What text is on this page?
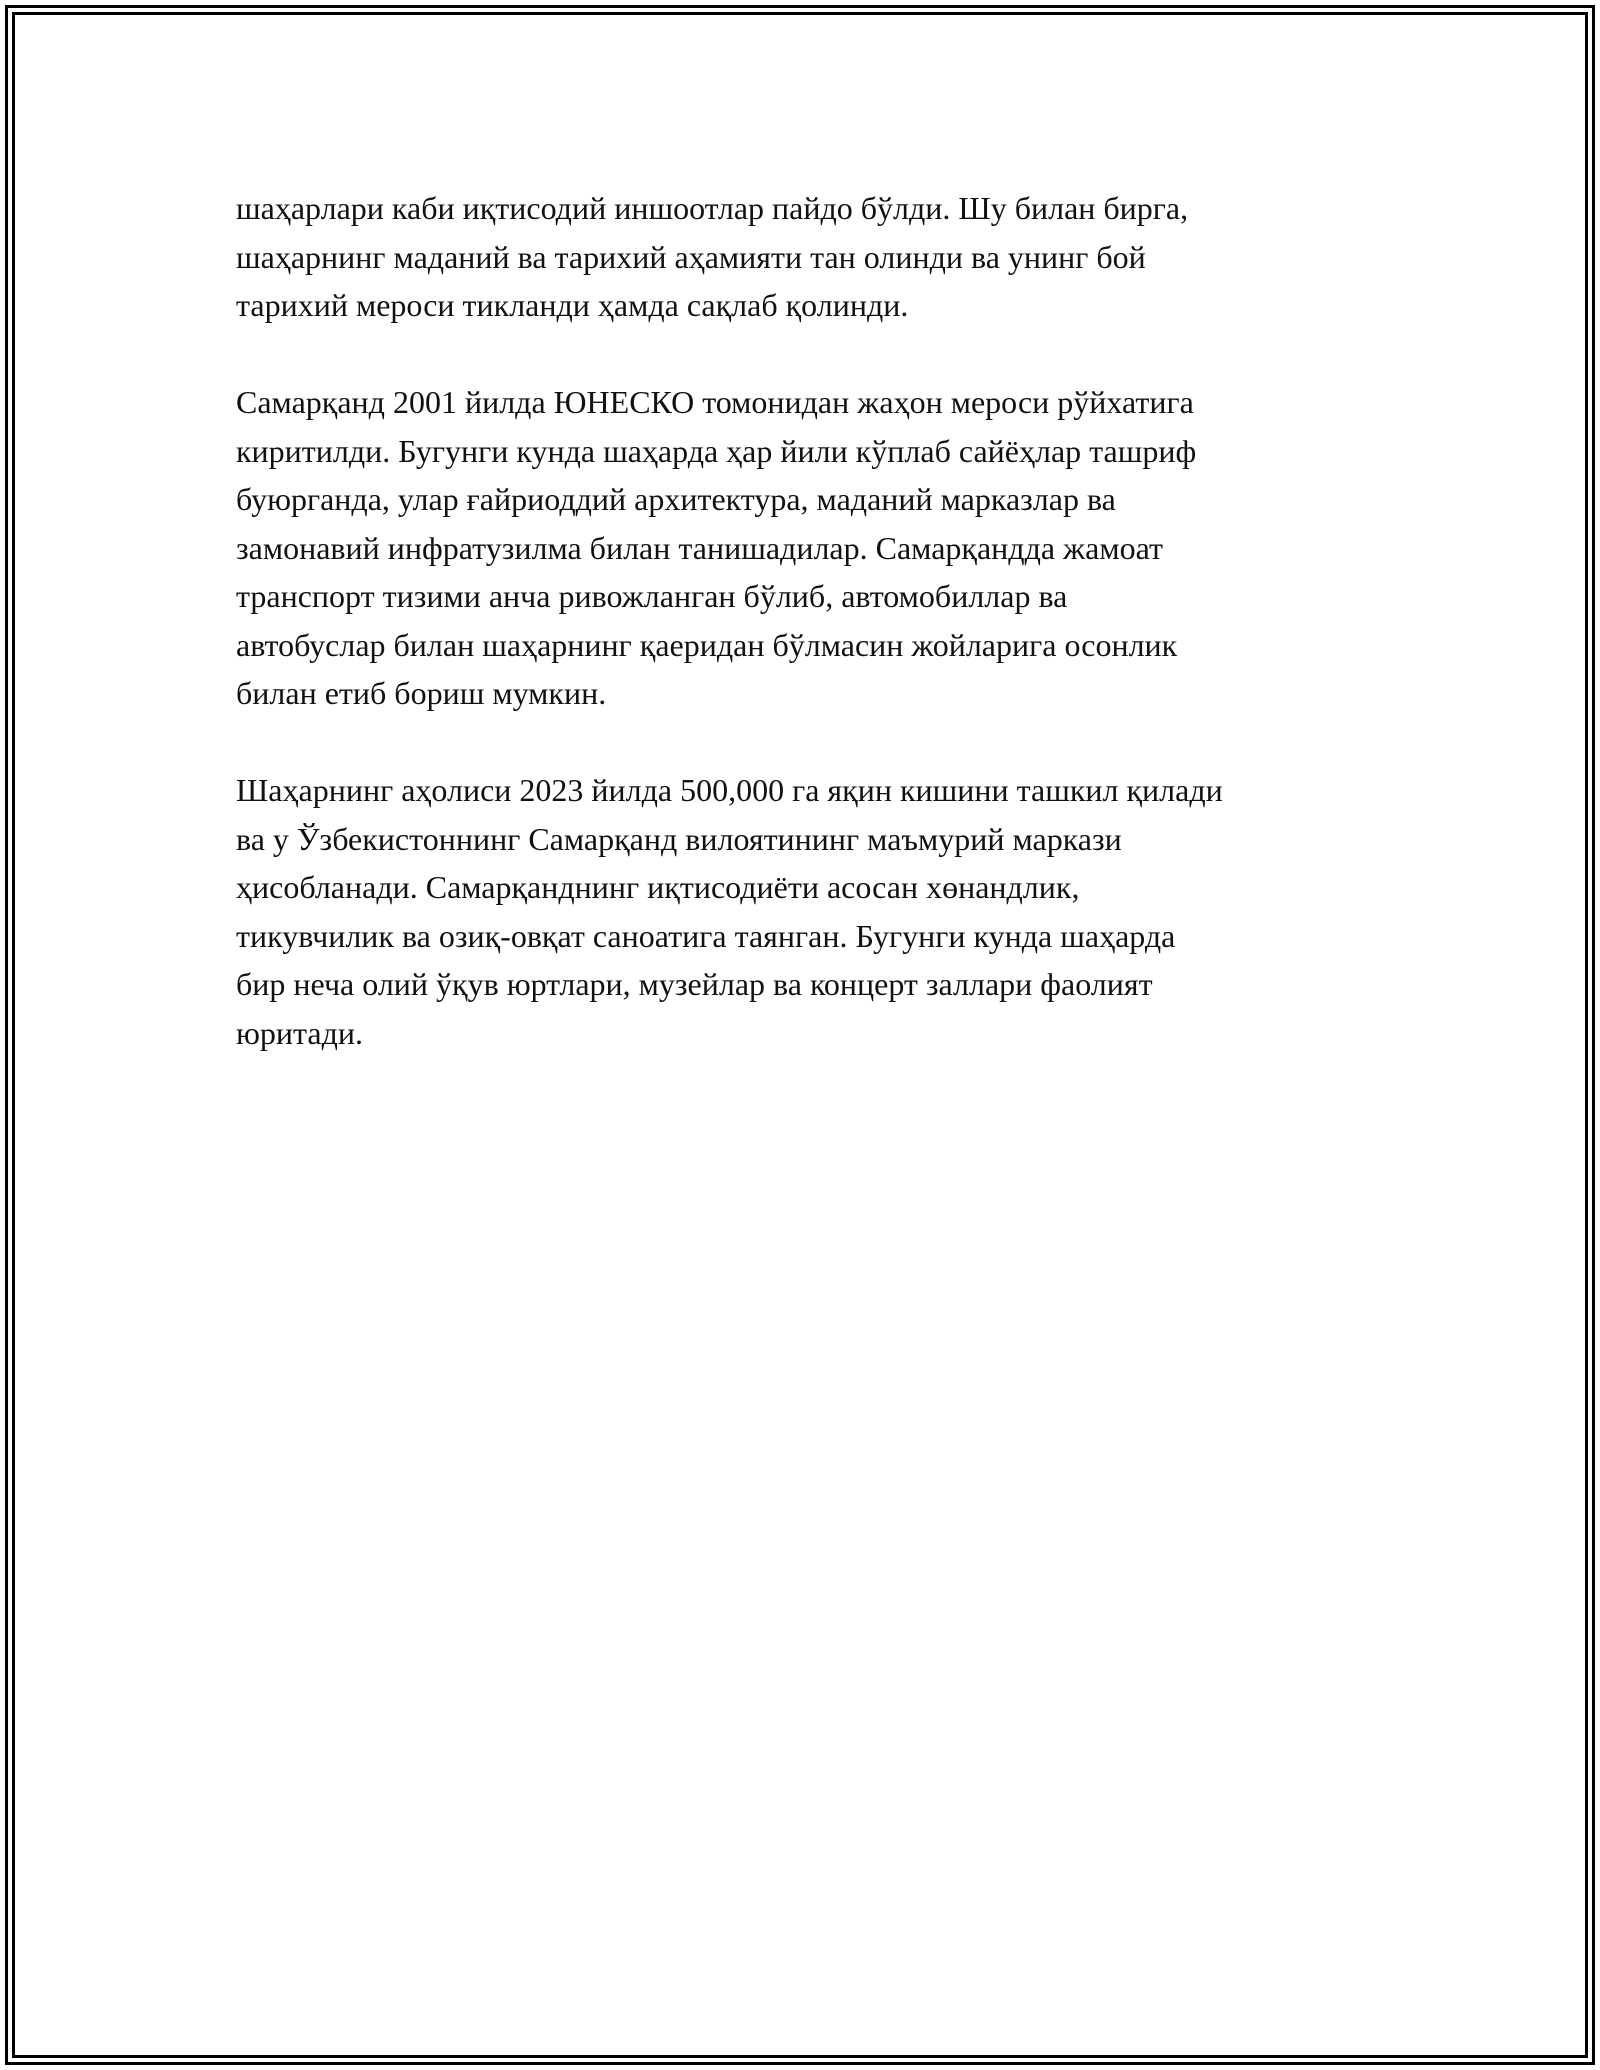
шаҳарлари каби иқтисодий иншоотлар пайдо бўлди. Шу билан бирга,
шаҳарнинг маданий ва тарихий аҳамияти тан олинди ва унинг бой
тарихий мероси тикланди ҳамда сақлаб қолинди.

Самарқанд 2001 йилда ЮНЕСКО томонидан жаҳон мероси рўйхатига
киритилди. Бугунги кунда шаҳарда ҳар йили кўплаб сайёҳлар ташриф
буюрганда, улар ғайриоддий архитектура, маданий марказлар ва
замонавий инфратузилма билан танишадилар. Самарқандда жамоат
транспорт тизими анча ривожланган бўлиб, автомобиллар ва
автобуслар билан шаҳарнинг қаеридан бўлмасин жойларига осонлик
билан етиб бориш мумкин.

Шаҳарнинг аҳолиси 2023 йилда 500,000 га яқин кишини ташкил қилади
ва у Ўзбекистоннинг Самарқанд вилоятининг маъмурий маркази
ҳисобланади. Самарқанднинг иқтисодиёти асосан хөнандлик,
тикувчилик ва озиқ-овқат саноатига таянган. Бугунги кунда шаҳарда
бир неча олий ўқув юртлари, музейлар ва концерт заллари фаолият
юритади.
